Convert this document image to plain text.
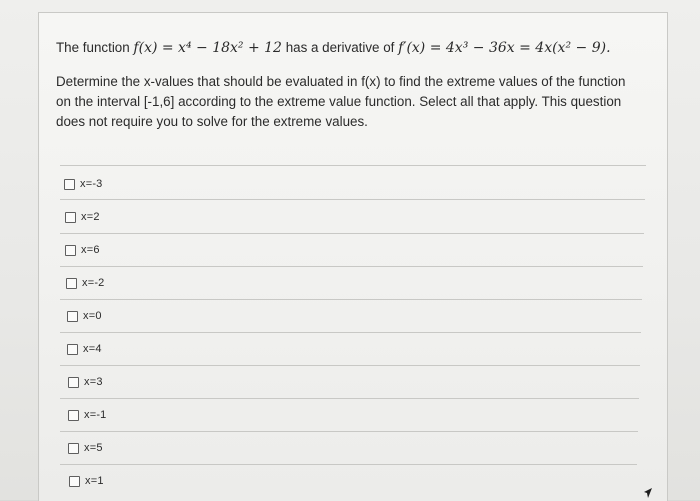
The function f(x) = x⁴ − 18x² + 12 has a derivative of f′(x) = 4x³ − 36x = 4x(x² − 9).
Determine the x-values that should be evaluated in f(x) to find the extreme values of the function
on the interval [-1,6] according to the extreme value function. Select all that apply. This question
does not require you to solve for the extreme values.
x=-3
x=2
x=6
x=-2
x=0
x=4
x=3
x=-1
x=5
x=1
